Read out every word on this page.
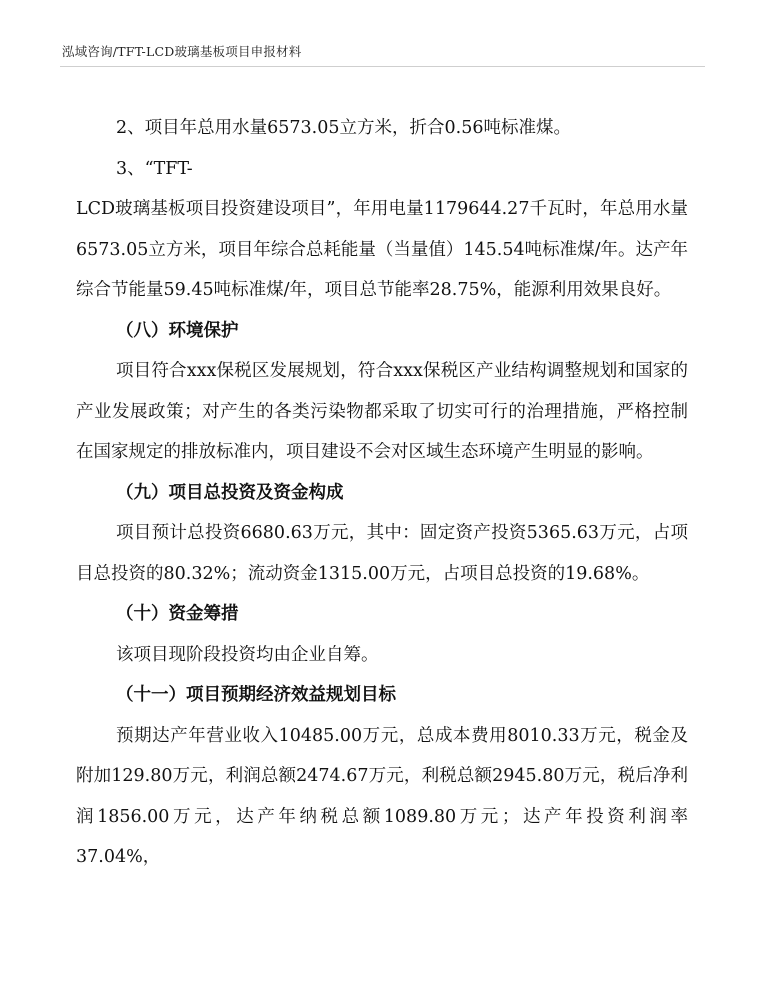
泓域咨询/TFT-LCD玻璃基板项目申报材料

2、项目年总用水量6573.05立方米，折合0.56吨标准煤。

3、“TFT-

LCD玻璃基板项目投资建设项目”，年用电量1179644.27千瓦时，年总用水量6573.05立方米，项目年综合总耗能量（当量值）145.54吨标准煤/年。达产年综合节能量59.45吨标准煤/年，项目总节能率28.75%，能源利用效果良好。

（八）环境保护

项目符合xxx保税区发展规划，符合xxx保税区产业结构调整规划和国家的产业发展政策；对产生的各类污染物都采取了切实可行的治理措施，严格控制在国家规定的排放标准内，项目建设不会对区域生态环境产生明显的影响。

（九）项目总投资及资金构成

项目预计总投资6680.63万元，其中：固定资产投资5365.63万元，占项目总投资的80.32%；流动资金1315.00万元，占项目总投资的19.68%。

（十）资金筹措

该项目现阶段投资均由企业自筹。

（十一）项目预期经济效益规划目标

预期达产年营业收入10485.00万元，总成本费用8010.33万元，税金及附加129.80万元，利润总额2474.67万元，利税总额2945.80万元，税后净利润1856.00万元，达产年纳税总额1089.80万元；达产年投资利润率37.04%，
